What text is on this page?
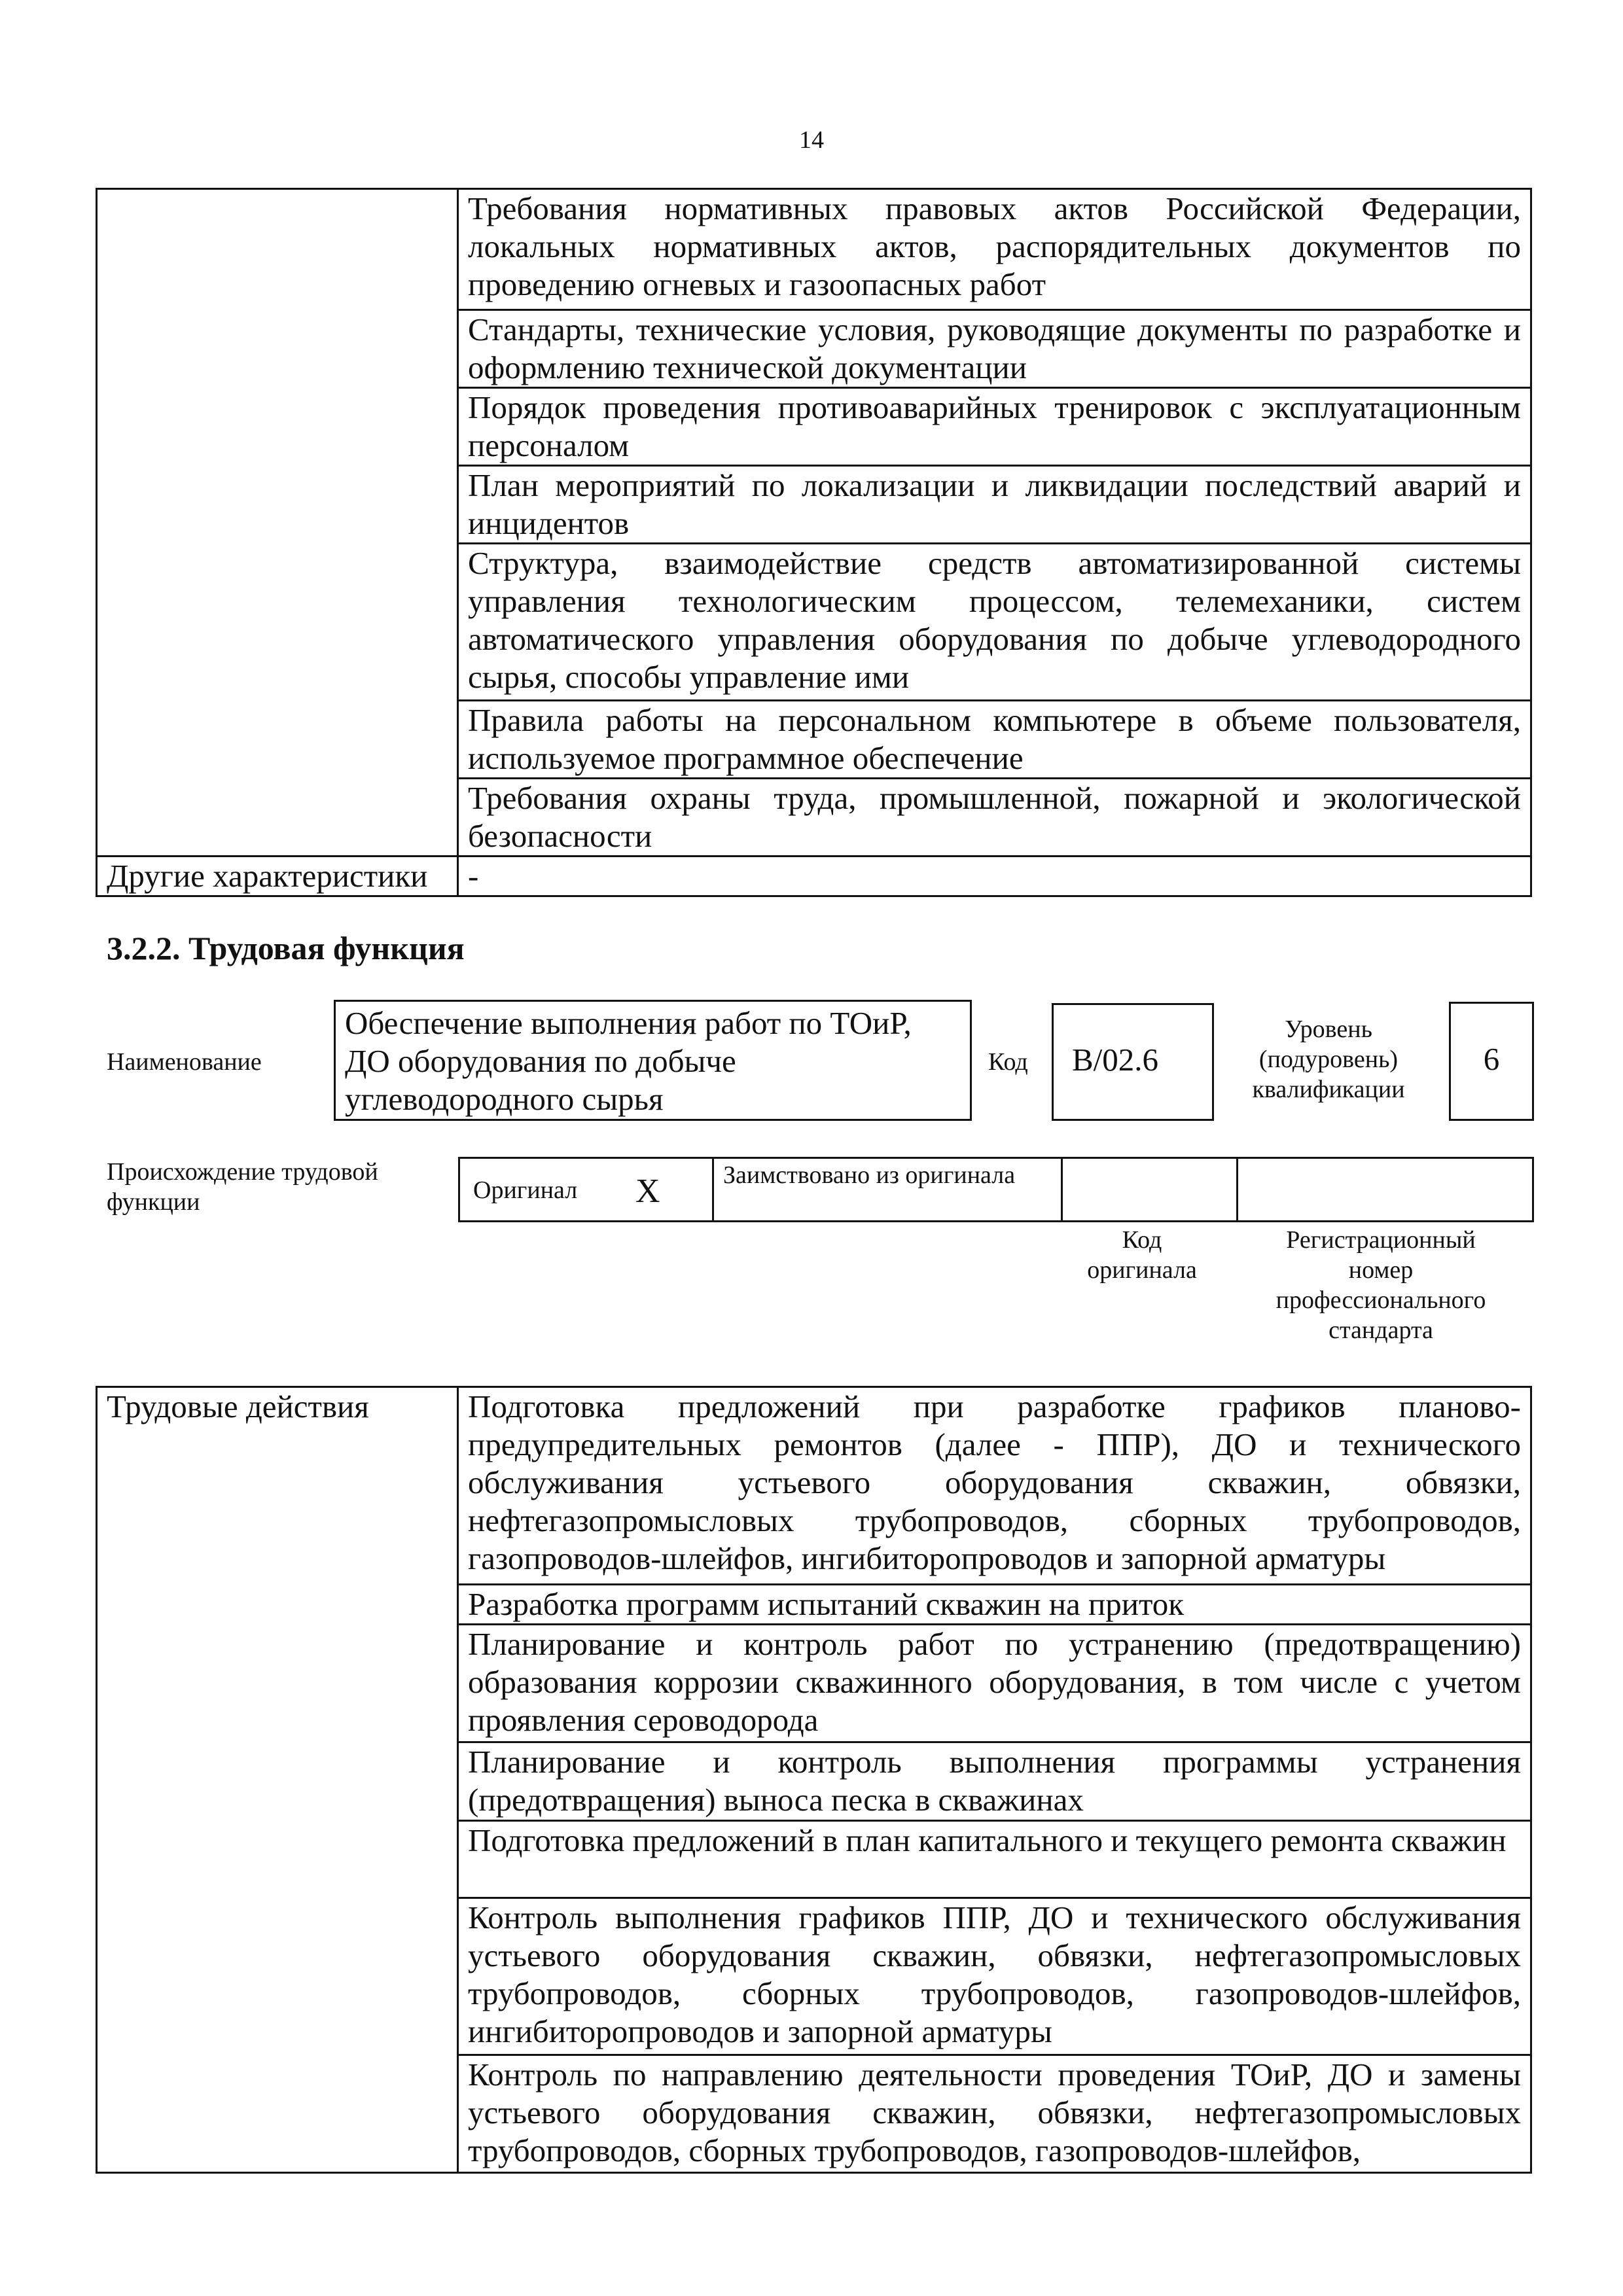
14
	Требования нормативных правовых актов Российской Федерации, локальных нормативных актов, распорядительных документов по проведению огневых и газоопасных работ
	Стандарты, технические условия, руководящие документы по разработке и оформлению технической документации
	Порядок проведения противоаварийных тренировок с эксплуатационным персоналом
	План мероприятий по локализации и ликвидации последствий аварий и инцидентов
	Структура, взаимодействие средств автоматизированной системы управления технологическим процессом, телемеханики, систем автоматического управления оборудования по добыче углеводородного сырья, способы управление ими
	Правила работы на персональном компьютере в объеме пользователя, используемое программное обеспечение
	Требования охраны труда, промышленной, пожарной и экологической безопасности
Другие характеристики	-
3.2.2. Трудовая функция
Наименование
Обеспечение выполнения работ по ТОиР, ДО оборудования по добыче углеводородного сырья
Код	B/02.6
Уровень (подуровень) квалификации
6
Происхождение трудовой функции	Оригинал X	Заимствовано из оригинала
Код оригинала
Регистрационный номер профессионального стандарта
Трудовые действия	Подготовка предложений при разработке графиков планово-предупредительных ремонтов (далее - ППР), ДО и технического обслуживания устьевого оборудования скважин, обвязки, нефтегазопромысловых трубопроводов, сборных трубопроводов, газопроводов-шлейфов, ингибиторопроводов и запорной арматуры
Разработка программ испытаний скважин на приток
Планирование и контроль работ по устранению (предотвращению) образования коррозии скважинного оборудования, в том числе с учетом проявления сероводорода
Планирование и контроль выполнения программы устранения (предотвращения) выноса песка в скважинах
Подготовка предложений в план капитального и текущего ремонта скважин
Контроль выполнения графиков ППР, ДО и технического обслуживания устьевого оборудования скважин, обвязки, нефтегазопромысловых трубопроводов, сборных трубопроводов, газопроводов-шлейфов, ингибиторопроводов и запорной арматуры
Контроль по направлению деятельности проведения ТОиР, ДО и замены устьевого оборудования скважин, обвязки, нефтегазопромысловых трубопроводов, сборных трубопроводов, газопроводов-шлейфов,
